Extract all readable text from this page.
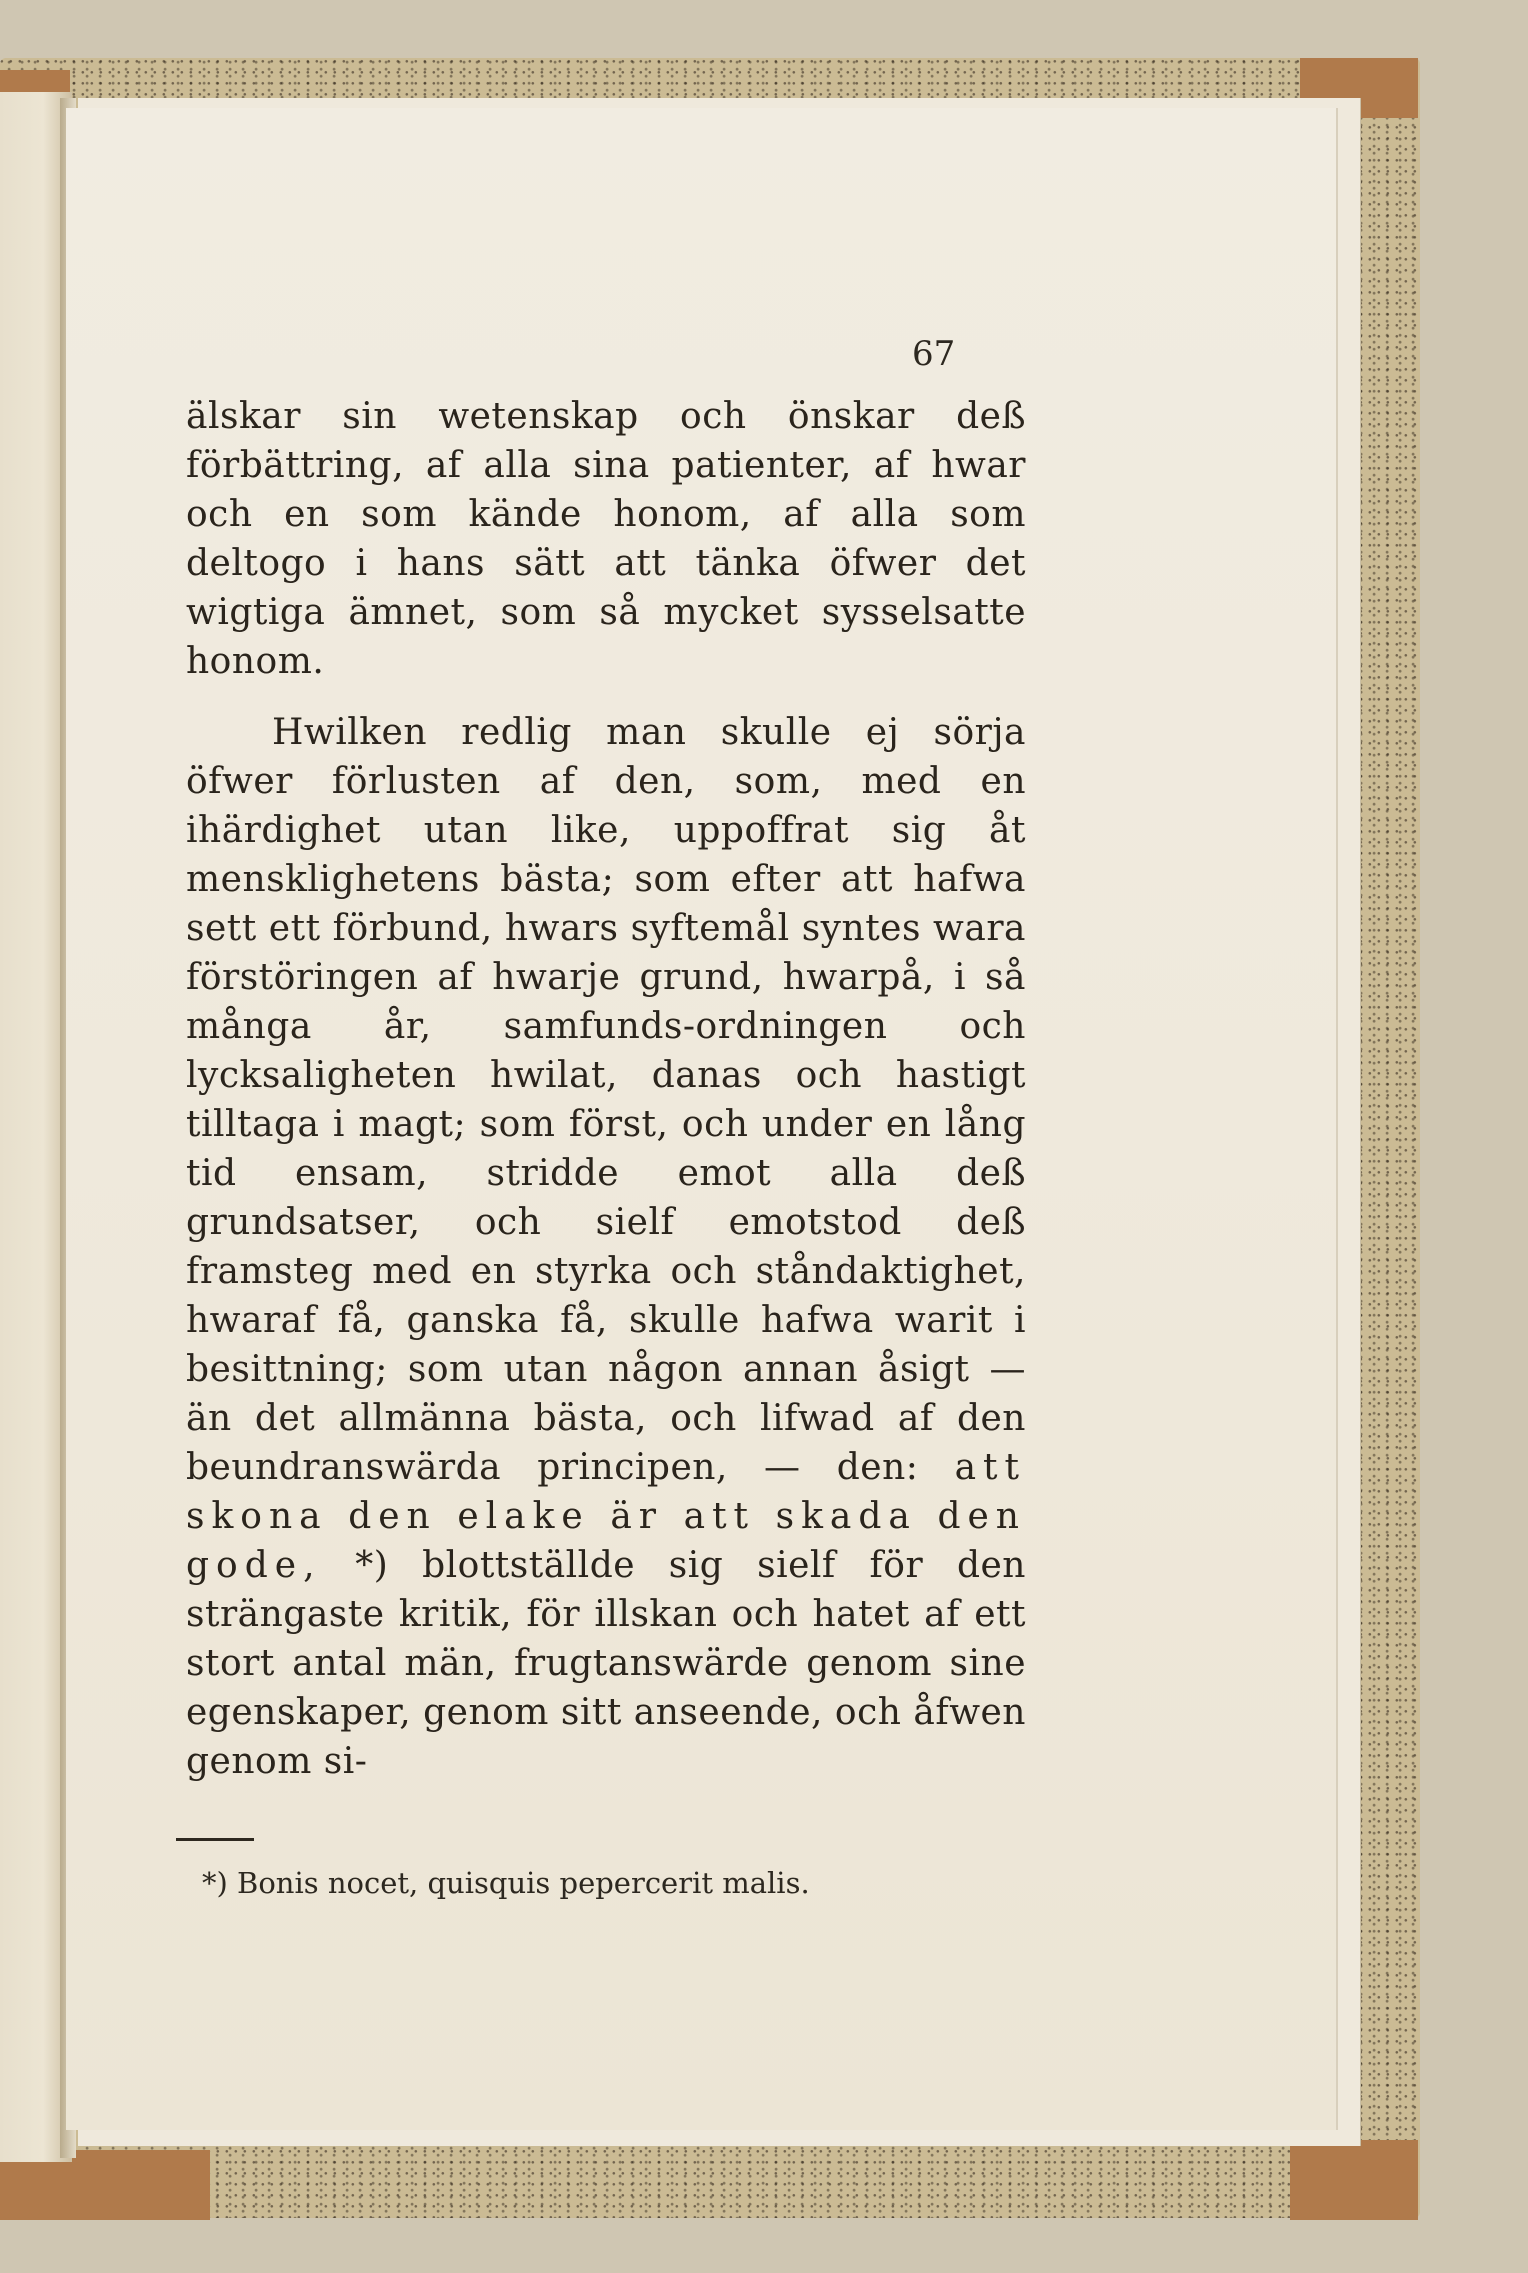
67

älskar sin wetenskap och önskar deß förbättring, af alla sina patienter, af hwar och en som kände honom, af alla som deltogo i hans sätt att tänka öfwer det wigtiga ämnet, som så mycket sysselsatte honom.

Hwilken redlig man skulle ej sörja öfwer förlusten af den, som, med en ihärdighet utan like, uppoffrat sig åt mensklighetens bästa; som efter att hafwa sett ett förbund, hwars syftemål syntes wara förstöringen af hwarje grund, hwarpå, i så många år, samfunds-ordningen och lycksaligheten hwilat, danas och hastigt tilltaga i magt; som först, och under en lång tid ensam, stridde emot alla deß grundsatser, och sielf emotstod deß framsteg med en styrka och ståndaktighet, hwaraf få, ganska få, skulle hafwa warit i besittning; som utan någon annan åsigt — än det allmänna bästa, och lifwad af den beundranswärda principen, — den: att skona den elake är att skada den gode, *) blottställde sig sielf för den strängaste kritik, för illskan och hatet af ett stort antal män, frugtanswärde genom sine egenskaper, genom sitt anseende, och åfwen genom si-

*) Bonis nocet, quisquis pepercerit malis.
